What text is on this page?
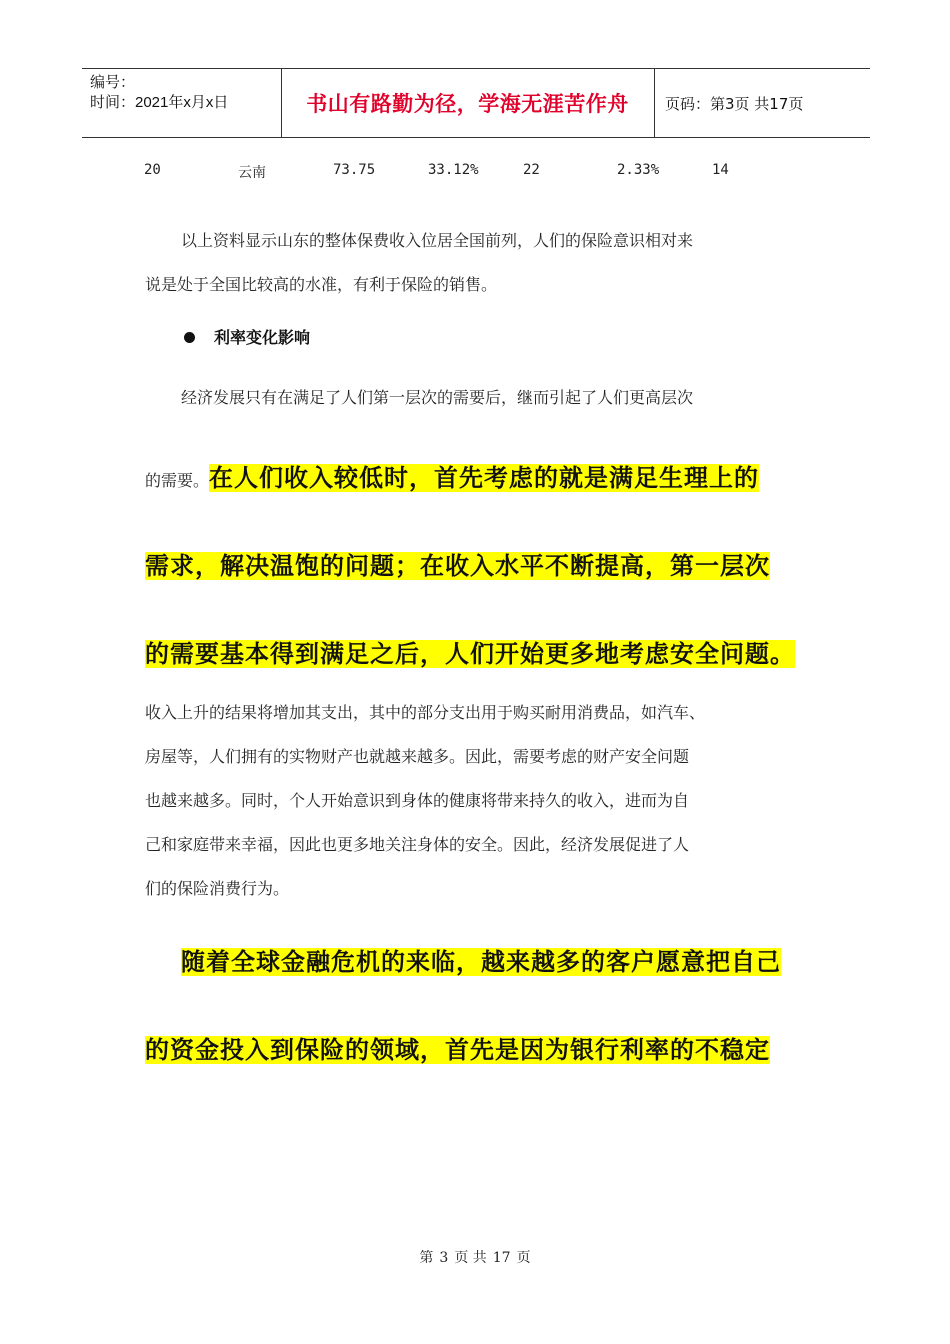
编号：
时间：2021年x月x日	书山有路勤为径，学海无涯苦作舟	页码：第3页 共17页
20	云南	73.75	33.12%	22	2.33%	14
以上资料显示山东的整体保费收入位居全国前列，人们的保险意识相对来
说是处于全国比较高的水准，有利于保险的销售。
利率变化影响
经济发展只有在满足了人们第一层次的需要后，继而引起了人们更高层次
的需要。在人们收入较低时，首先考虑的就是满足生理上的
需求，解决温饱的问题；在收入水平不断提高，第一层次
的需要基本得到满足之后，人们开始更多地考虑安全问题。
收入上升的结果将增加其支出，其中的部分支出用于购买耐用消费品，如汽车、
房屋等，人们拥有的实物财产也就越来越多。因此，需要考虑的财产安全问题
也越来越多。同时，个人开始意识到身体的健康将带来持久的收入，进而为自
己和家庭带来幸福，因此也更多地关注身体的安全。因此，经济发展促进了人
们的保险消费行为。
随着全球金融危机的来临，越来越多的客户愿意把自己
的资金投入到保险的领域，首先是因为银行利率的不稳定
第 3 页 共 17 页
